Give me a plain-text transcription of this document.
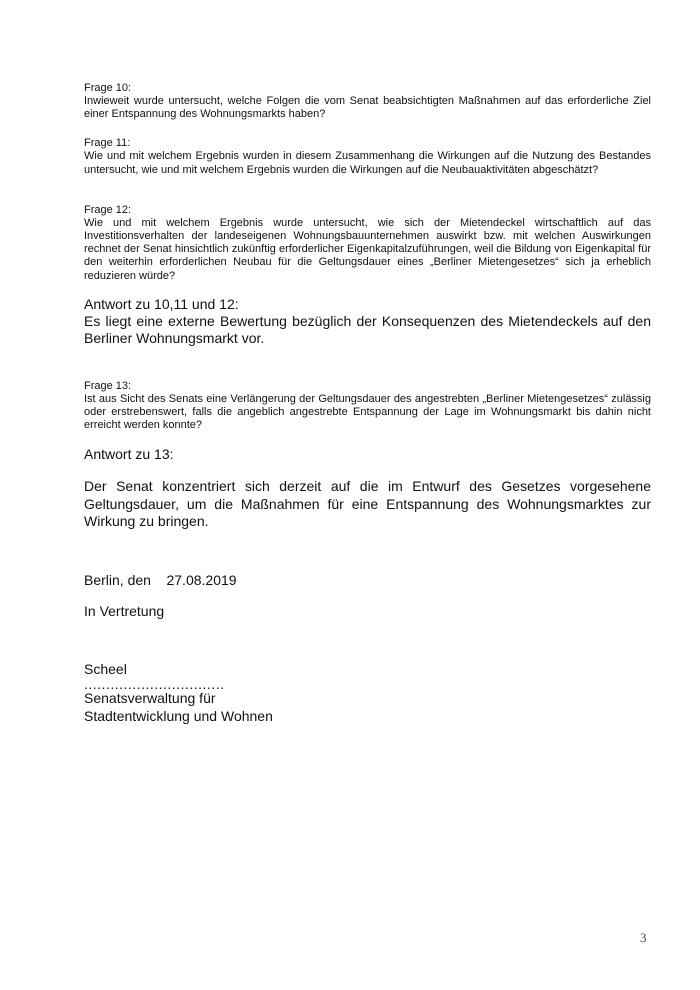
Frage 10:

Inwieweit wurde untersucht, welche Folgen die vom Senat beabsichtigten Maßnahmen auf das erforderliche Ziel einer Entspannung des Wohnungsmarkts haben?

Frage 11:

Wie und mit welchem Ergebnis wurden in diesem Zusammenhang die Wirkungen auf die Nutzung des Bestandes untersucht, wie und mit welchem Ergebnis wurden die Wirkungen auf die Neubauaktivitäten abgeschätzt?

Frage 12:

Wie und mit welchem Ergebnis wurde untersucht, wie sich der Mietendeckel wirtschaftlich auf das Investitionsverhalten der landeseigenen Wohnungsbauunternehmen auswirkt bzw. mit welchen Auswirkungen rechnet der Senat hinsichtlich zukünftig erforderlicher Eigenkapitalzuführungen, weil die Bildung von Eigenkapital für den weiterhin erforderlichen Neubau für die Geltungsdauer eines „Berliner Mietengesetzes“ sich ja erheblich reduzieren würde?

Antwort zu 10,11 und 12:

Es liegt eine externe Bewertung bezüglich der Konsequenzen des Mietendeckels auf den Berliner Wohnungsmarkt vor.

Frage 13:

Ist aus Sicht des Senats eine Verlängerung der Geltungsdauer des angestrebten „Berliner Mietengesetzes“ zulässig oder erstrebenswert, falls die angeblich angestrebte Entspannung der Lage im Wohnungsmarkt bis dahin nicht erreicht werden konnte?

Antwort zu 13:

Der Senat konzentriert sich derzeit auf die im Entwurf des Gesetzes vorgesehene Geltungsdauer, um die Maßnahmen für eine Entspannung des Wohnungsmarktes zur Wirkung zu bringen.

Berlin, den    27.08.2019

In Vertretung

Scheel

................................

Senatsverwaltung für

Stadtentwicklung und Wohnen

3
